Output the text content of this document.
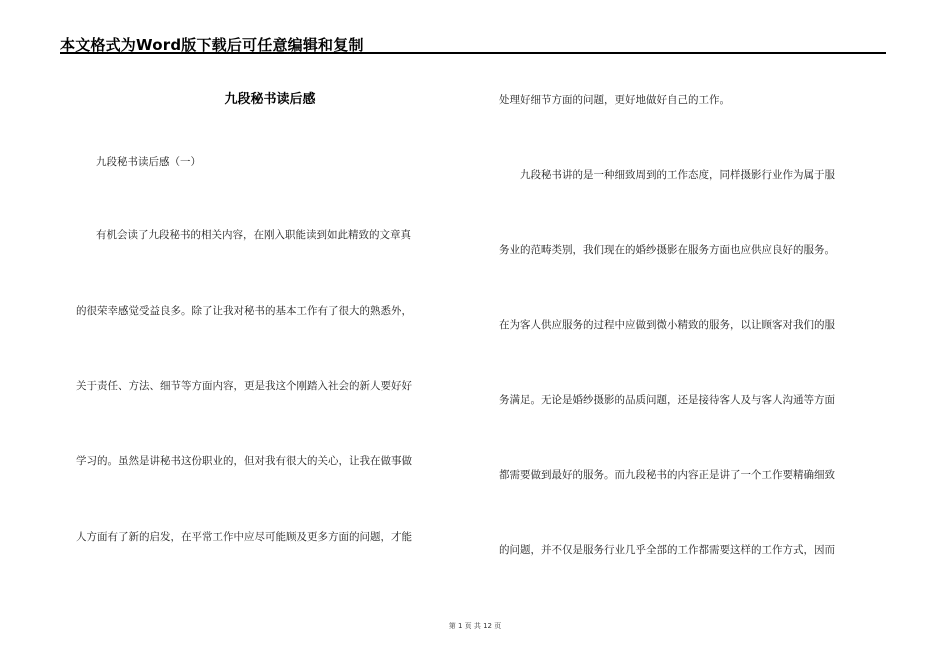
本文格式为Word版下载后可任意编辑和复制
九段秘书读后感
九段秘书读后感（一）
有机会读了九段秘书的相关内容，在刚入职能读到如此精致的文章真
的很荣幸感觉受益良多。除了让我对秘书的基本工作有了很大的熟悉外，
关于责任、方法、细节等方面内容，更是我这个刚踏入社会的新人要好好
学习的。虽然是讲秘书这份职业的，但对我有很大的关心，让我在做事做
人方面有了新的启发，在平常工作中应尽可能顾及更多方面的问题，才能
处理好细节方面的问题，更好地做好自己的工作。
九段秘书讲的是一种细致周到的工作态度，同样摄影行业作为属于服
务业的范畴类别，我们现在的婚纱摄影在服务方面也应供应良好的服务。
在为客人供应服务的过程中应做到微小精致的服务，以让顾客对我们的服
务满足。无论是婚纱摄影的品质问题，还是接待客人及与客人沟通等方面
都需要做到最好的服务。而九段秘书的内容正是讲了一个工作要精确细致
的问题，并不仅是服务行业几乎全部的工作都需要这样的工作方式，因而
第 1 页 共 12 页
